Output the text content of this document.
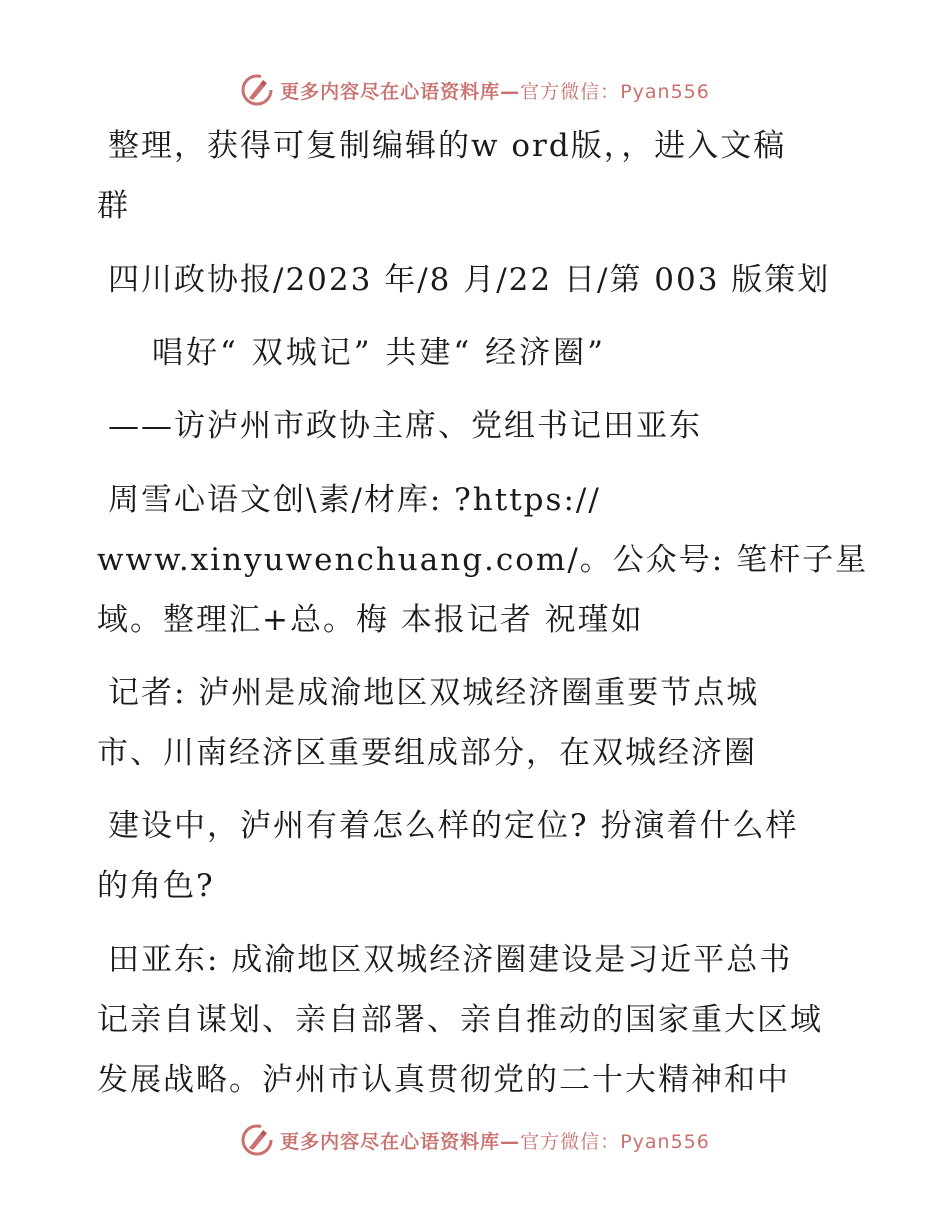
更多内容尽在心语资料库—官方微信：Pyan556
整理，获得可复制编辑的w ord版，，进入文稿
群
四川政协报/2023 年/8 月/22 日/第 003 版策划
唱好“ 双城记” 共建“ 经济圈”
——访泸州市政协主席、党组书记田亚东
周雪心语文创\素/材库: ?https://
www.xinyuwenchuang.com/。公众号: 笔杆子星
域。整理汇+总。梅 本报记者 祝瑾如
记者: 泸州是成渝地区双城经济圈重要节点城
市、川南经济区重要组成部分，在双城经济圈
建设中，泸州有着怎么样的定位? 扮演着什么样
的角色?
田亚东: 成渝地区双城经济圈建设是习近平总书
记亲自谋划、亲自部署、亲自推动的国家重大区域
发展战略。泸州市认真贯彻党的二十大精神和中
更多内容尽在心语资料库—官方微信：Pyan556
